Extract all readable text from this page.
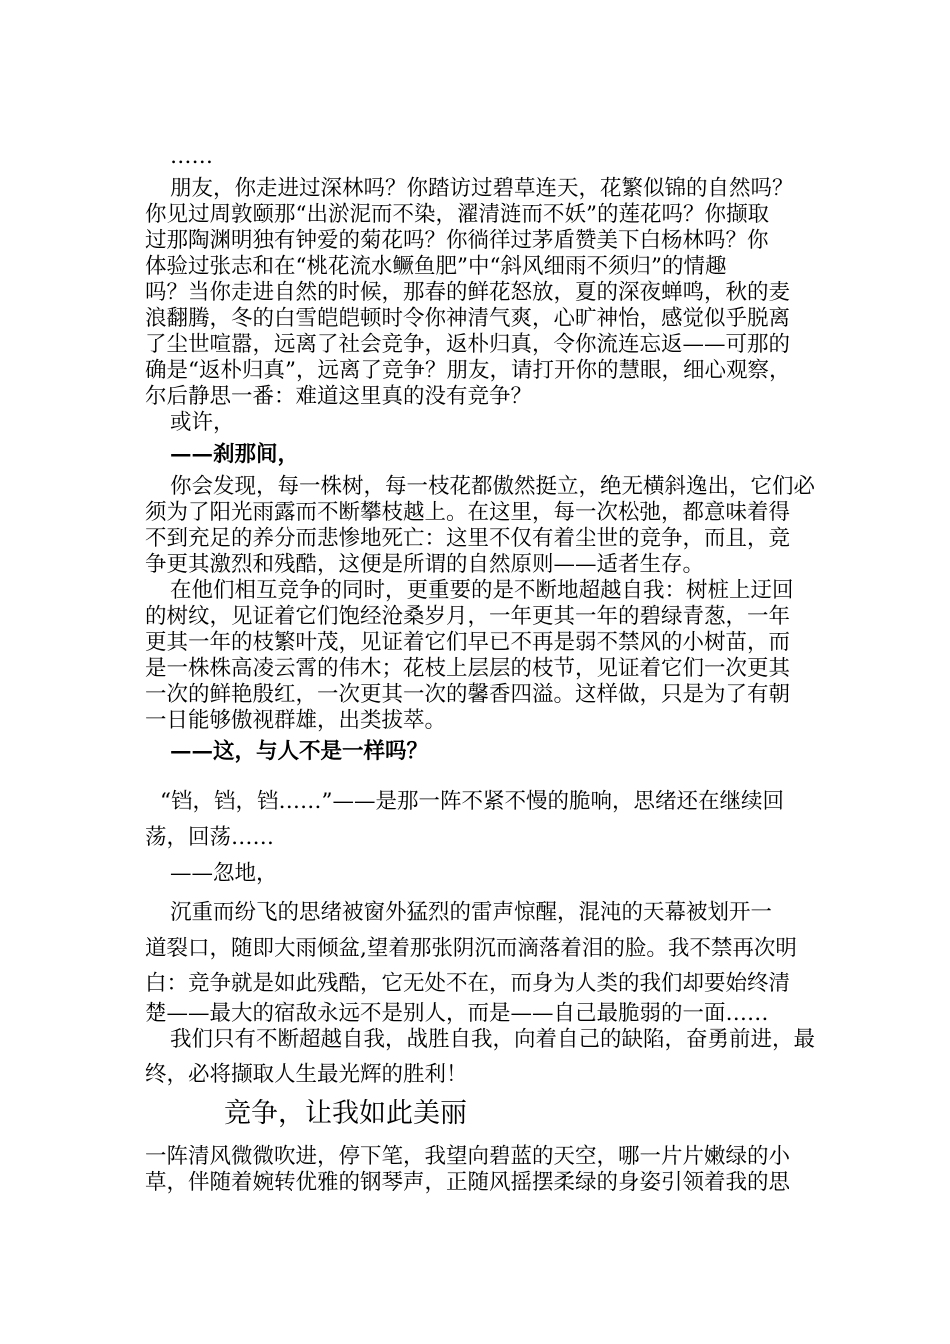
……
朋友，你走进过深林吗？你踏访过碧草连天，花繁似锦的自然吗？
你见过周敦颐那“出淤泥而不染，濯清涟而不妖”的莲花吗？你撷取
过那陶渊明独有钟爱的菊花吗？你徜徉过茅盾赞美下白杨林吗？你
体验过张志和在“桃花流水鳜鱼肥”中“斜风细雨不须归”的情趣
吗？当你走进自然的时候，那春的鲜花怒放，夏的深夜蝉鸣，秋的麦
浪翻腾，冬的白雪皑皑顿时令你神清气爽，心旷神怡，感觉似乎脱离
了尘世喧嚣，远离了社会竞争，返朴归真，令你流连忘返——可那的
确是“返朴归真”，远离了竞争？朋友，请打开你的慧眼，细心观察，
尔后静思一番：难道这里真的没有竞争？
或许，
——刹那间，
你会发现，每一株树，每一枝花都傲然挺立，绝无横斜逸出，它们必
须为了阳光雨露而不断攀枝越上。在这里，每一次松弛，都意味着得
不到充足的养分而悲惨地死亡：这里不仅有着尘世的竞争，而且，竞
争更其激烈和残酷，这便是所谓的自然原则——适者生存。
在他们相互竞争的同时，更重要的是不断地超越自我：树桩上迂回
的树纹，见证着它们饱经沧桑岁月，一年更其一年的碧绿青葱，一年
更其一年的枝繁叶茂，见证着它们早已不再是弱不禁风的小树苗，而
是一株株高凌云霄的伟木；花枝上层层的枝节，见证着它们一次更其
一次的鲜艳殷红，一次更其一次的馨香四溢。这样做，只是为了有朝
一日能够傲视群雄，出类拔萃。
——这，与人不是一样吗？
“铛，铛，铛……”——是那一阵不紧不慢的脆响，思绪还在继续回
荡，回荡……
——忽地，
沉重而纷飞的思绪被窗外猛烈的雷声惊醒，混沌的天幕被划开一
道裂口，随即大雨倾盆,望着那张阴沉而滴落着泪的脸。我不禁再次明
白：竞争就是如此残酷，它无处不在，而身为人类的我们却要始终清
楚——最大的宿敌永远不是别人，而是——自己最脆弱的一面……
我们只有不断超越自我，战胜自我，向着自己的缺陷，奋勇前进，最
终，必将撷取人生最光辉的胜利！
竞争，让我如此美丽
一阵清风微微吹进，停下笔，我望向碧蓝的天空，哪一片片嫩绿的小
草，伴随着婉转优雅的钢琴声，正随风摇摆柔绿的身姿引领着我的思
